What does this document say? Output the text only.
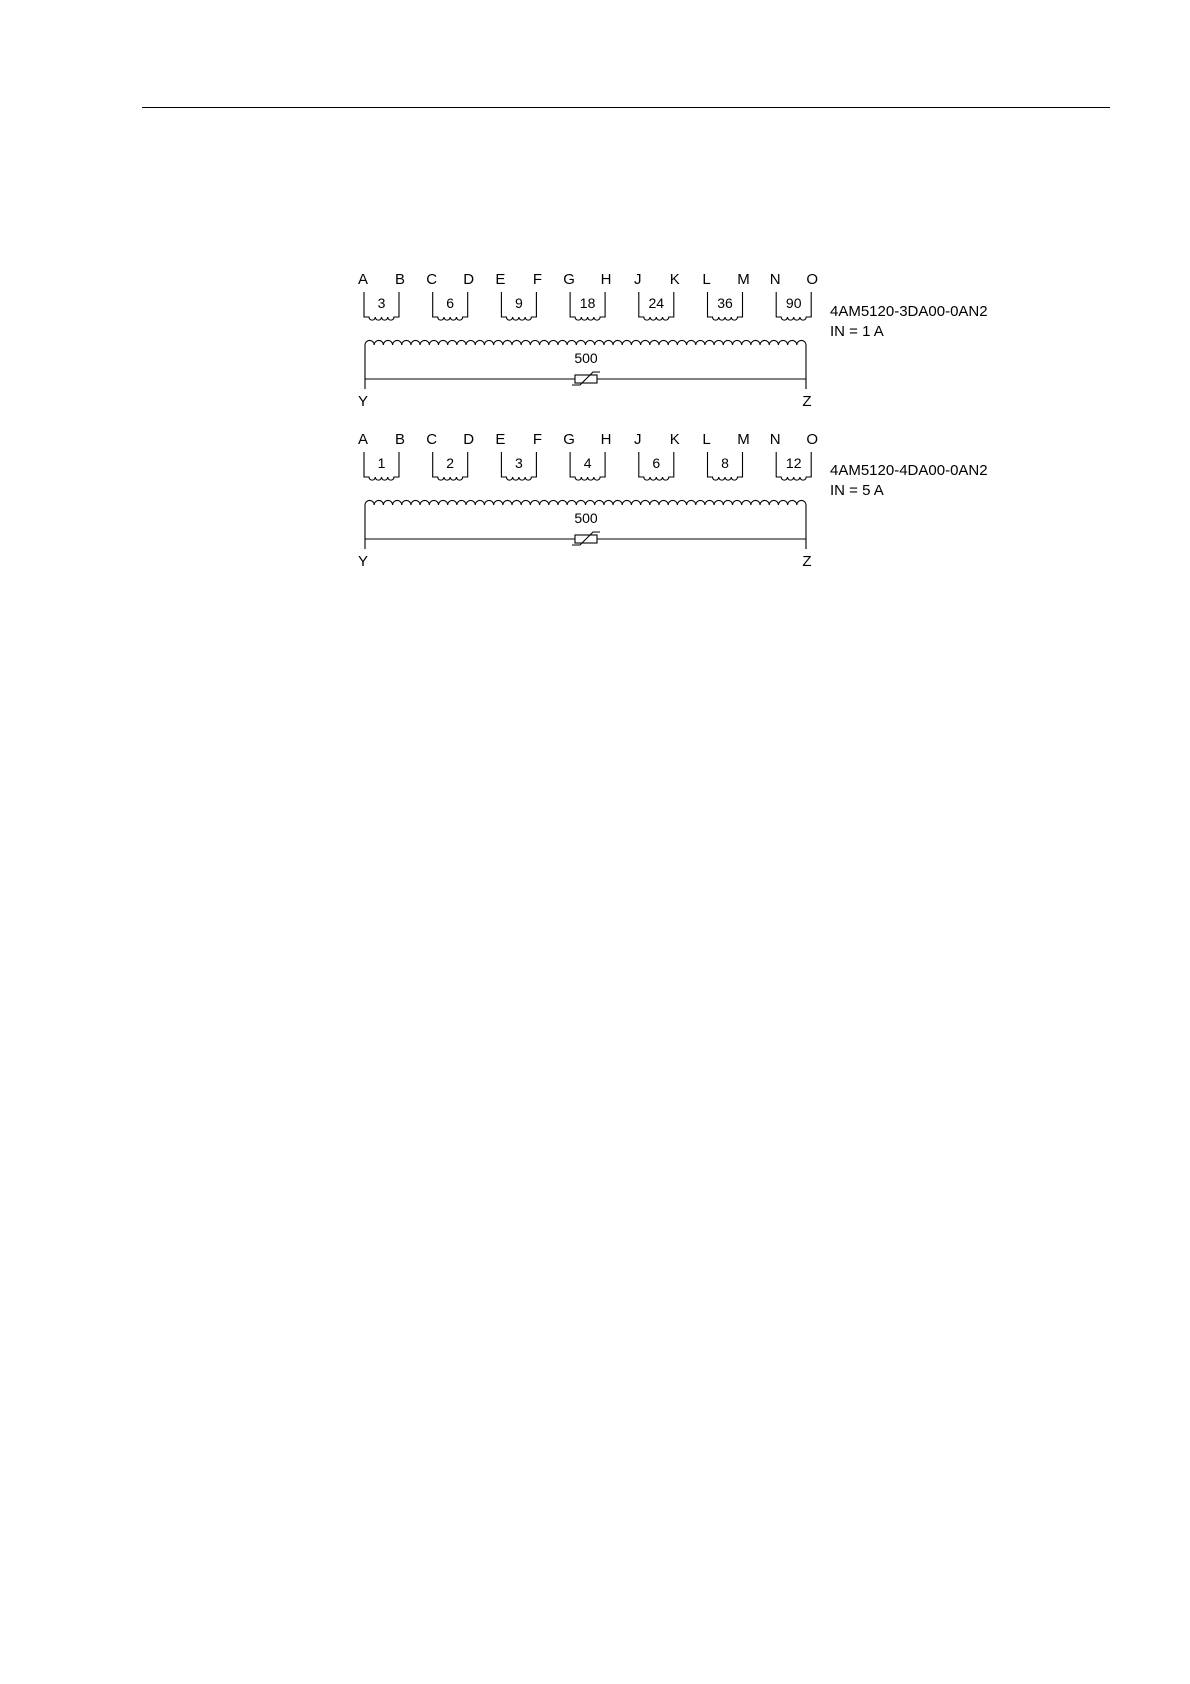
A B
3
C D
6
E F
9
G H
18
J K
24
L M
36
N O
90
500
Y	Z
4AM5120-3DA00-0AN2
IN = 1 A
A B
1
C D
2
E F
3
G H
4
J K
6
L M
8
N O
12
500
Y	Z
4AM5120-4DA00-0AN2
IN = 5 A
